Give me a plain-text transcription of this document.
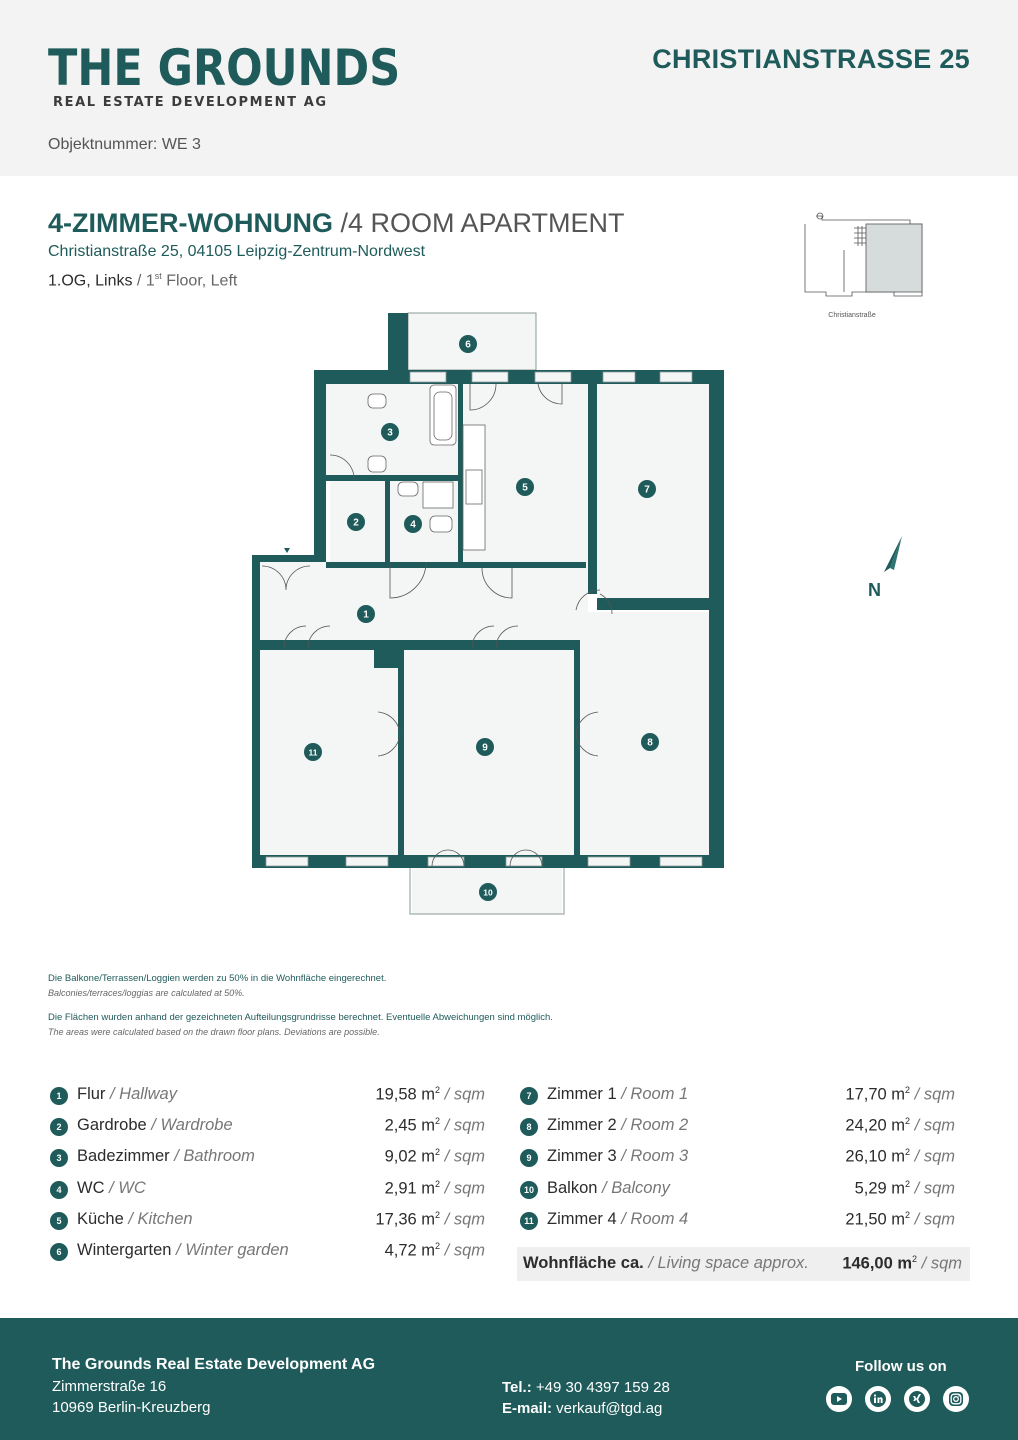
THE GROUNDS
REAL ESTATE DEVELOPMENT AG
CHRISTIANSTRASSE 25
Objektnummer: WE 3
4-ZIMMER-WOHNUNG /4 ROOM APARTMENT
Christianstraße 25, 04105 Leipzig-Zentrum-Nordwest
1.OG, Links / 1st Floor, Left
Christianstraße
1
2
3
4
5
6
7
8
9
10
11
N
Die Balkone/Terrassen/Loggien werden zu 50% in die Wohnfläche eingerechnet.
Balconies/terraces/loggias are calculated at 50%.
Die Flächen wurden anhand der gezeichneten Aufteilungsgrundrisse berechnet. Eventuelle Abweichungen sind möglich.
The areas were calculated based on the drawn floor plans. Deviations are possible.
1 Flur / Hallway	19,58 $m^2$ / sqm
2 Gardrobe / Wardrobe	2,45 $m^2$ / sqm
3 Badezimmer / Bathroom	9,02 $m^2$ / sqm
4 WC / WC	2,91 $m^2$ / sqm
5 Küche / Kitchen	17,36 $m^2$ / sqm
6 Wintergarten / Winter garden	4,72 $m^2$ / sqm
7 Zimmer 1 / Room 1	17,70 $m^2$ / sqm
8 Zimmer 2 / Room 2	24,20 $m^2$ / sqm
9 Zimmer 3 / Room 3	26,10 $m^2$ / sqm
10 Balkon / Balcony	5,29 $m^2$ / sqm
11 Zimmer 4 / Room 4	21,50 $m^2$ / sqm
Wohnfläche ca. / Living space approx. 146,00 $m^2$ / sqm
The Grounds Real Estate Development AG
Zimmerstraße 16
10969 Berlin-Kreuzberg
Tel.: +49 30 4397 159 28
E-mail: verkauf@tgd.ag
Follow us on
